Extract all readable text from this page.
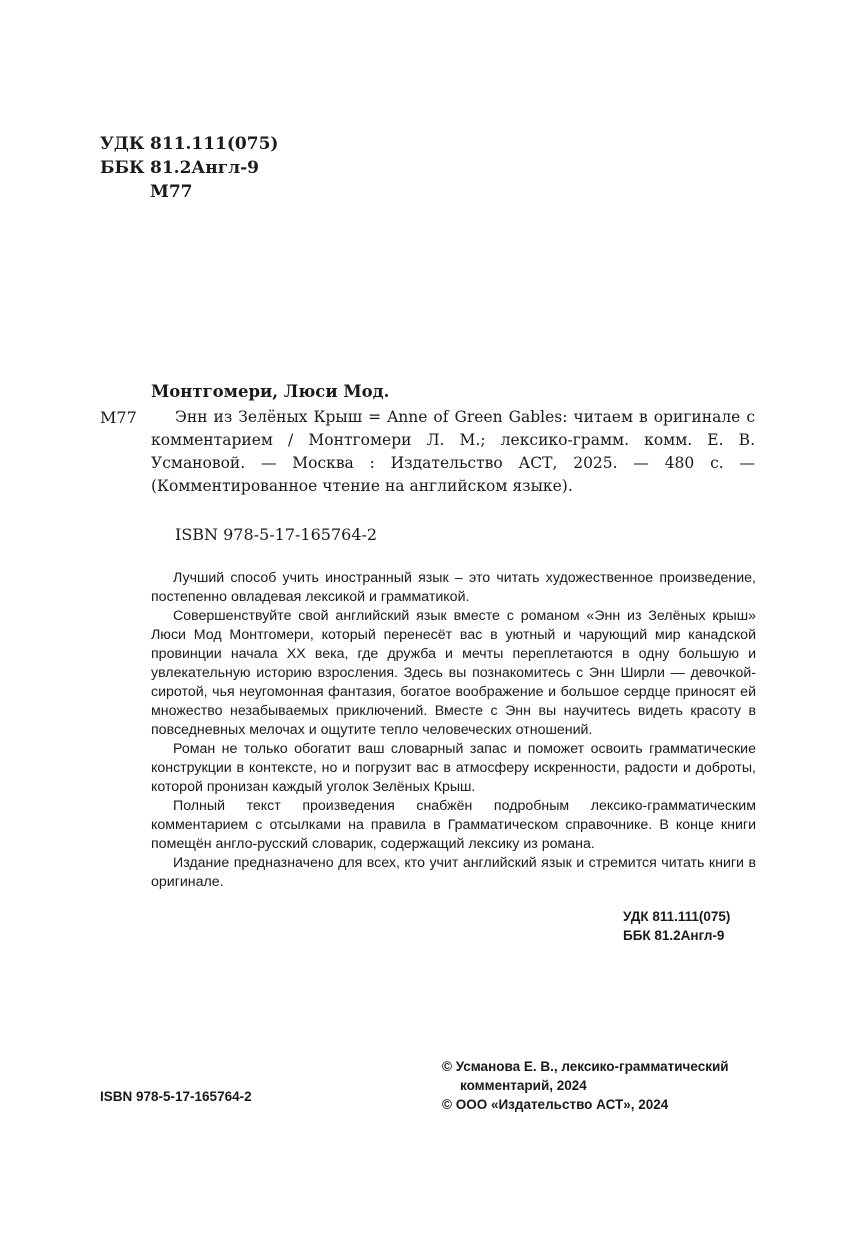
УДК 811.111(075)
ББК 81.2Англ-9
М77
Монтгомери, Люси Мод.
М77	Энн из Зелёных Крыш = Anne of Green Gables: читаем в оригинале с комментарием / Монтгомери Л. М.; лексико-грамм. комм. Е. В. Усмановой. — Москва : Издательство АСТ, 2025. — 480 с. — (Комментированное чтение на английском языке).

ISBN 978-5-17-165764-2

Лучший способ учить иностранный язык – это читать художественное произведение, постепенно овладевая лексикой и грамматикой.

Совершенствуйте свой английский язык вместе с романом «Энн из Зелёных крыш» Люси Мод Монтгомери, который перенесёт вас в уютный и чарующий мир канадской провинции начала XX века, где дружба и мечты переплетаются в одну большую и увлекательную историю взросления. Здесь вы познакомитесь с Энн Ширли — девочкой-сиротой, чья неугомонная фантазия, богатое воображение и большое сердце приносят ей множество незабываемых приключений. Вместе с Энн вы научитесь видеть красоту в повседневных мелочах и ощутите тепло человеческих отношений.

Роман не только обогатит ваш словарный запас и поможет освоить грамматические конструкции в контексте, но и погрузит вас в атмосферу искренности, радости и доброты, которой пронизан каждый уголок Зелёных Крыш.

Полный текст произведения снабжён подробным лексико-грамматическим комментарием с отсылками на правила в Грамматическом справочнике. В конце книги помещён англо-русский словарик, содержащий лексику из романа.

Издание предназначено для всех, кто учит английский язык и стремится читать книги в оригинале.

УДК 811.111(075)
ББК 81.2Англ-9
ISBN 978-5-17-165764-2
© Усманова Е. В., лексико-грамматический
комментарий, 2024
© ООО «Издательство АСТ», 2024
